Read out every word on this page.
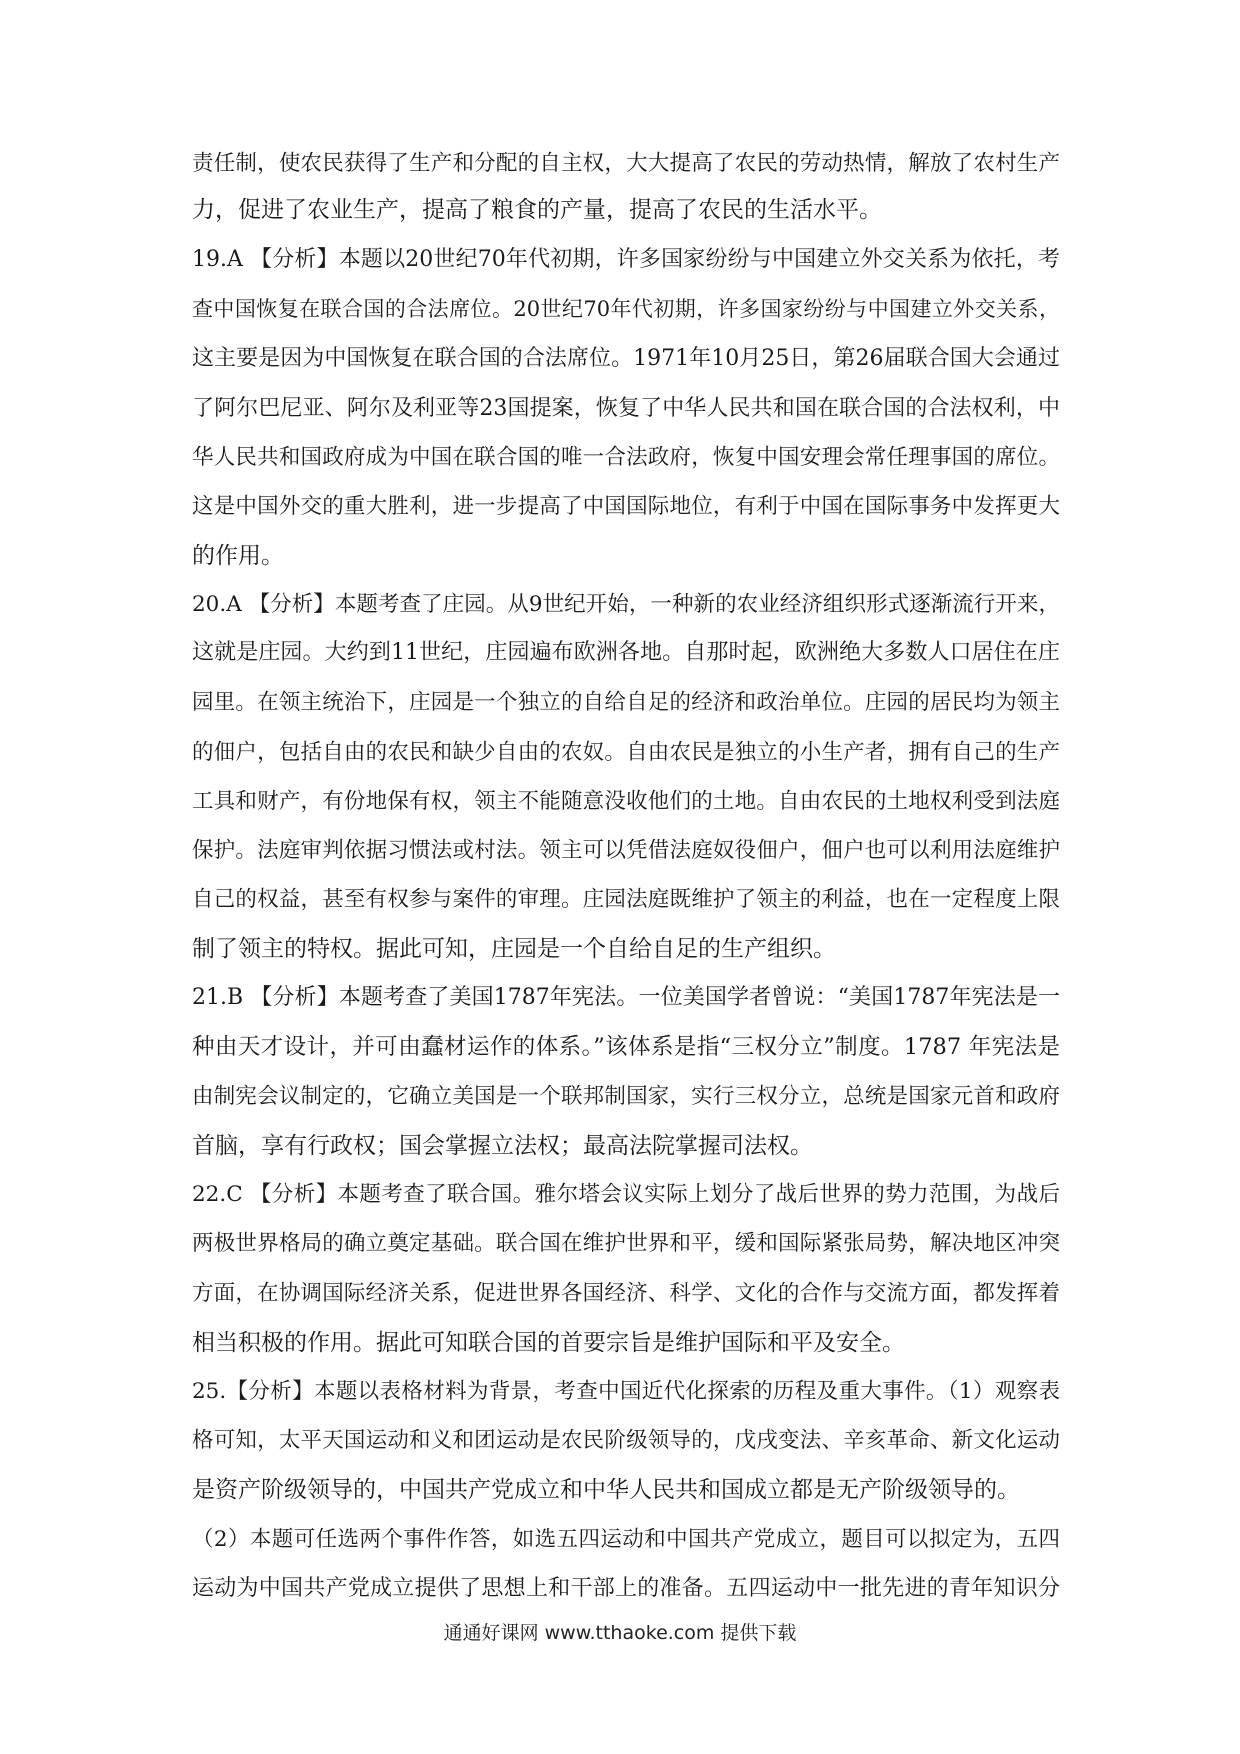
责任制，使农民获得了生产和分配的自主权，大大提高了农民的劳动热情，解放了农村生产
力，促进了农业生产，提高了粮食的产量，提高了农民的生活水平。
19.A 【分析】本题以20世纪70年代初期，许多国家纷纷与中国建立外交关系为依托，考
查中国恢复在联合国的合法席位。20世纪70年代初期，许多国家纷纷与中国建立外交关系，
这主要是因为中国恢复在联合国的合法席位。1971年10月25日，第26届联合国大会通过
了阿尔巴尼亚、阿尔及利亚等23国提案，恢复了中华人民共和国在联合国的合法权利，中
华人民共和国政府成为中国在联合国的唯一合法政府，恢复中国安理会常任理事国的席位。
这是中国外交的重大胜利，进一步提高了中国国际地位，有利于中国在国际事务中发挥更大
的作用。
20.A 【分析】本题考查了庄园。从9世纪开始，一种新的农业经济组织形式逐渐流行开来，
这就是庄园。大约到11世纪，庄园遍布欧洲各地。自那时起，欧洲绝大多数人口居住在庄
园里。在领主统治下，庄园是一个独立的自给自足的经济和政治单位。庄园的居民均为领主
的佃户，包括自由的农民和缺少自由的农奴。自由农民是独立的小生产者，拥有自己的生产
工具和财产，有份地保有权，领主不能随意没收他们的土地。自由农民的土地权利受到法庭
保护。法庭审判依据习惯法或村法。领主可以凭借法庭奴役佃户，佃户也可以利用法庭维护
自己的权益，甚至有权参与案件的审理。庄园法庭既维护了领主的利益，也在一定程度上限
制了领主的特权。据此可知，庄园是一个自给自足的生产组织。
21.B 【分析】本题考查了美国1787年宪法。一位美国学者曾说：“美国1787年宪法是一
种由天才设计，并可由蠢材运作的体系。”该体系是指“三权分立”制度。1787 年宪法是
由制宪会议制定的，它确立美国是一个联邦制国家，实行三权分立，总统是国家元首和政府
首脑，享有行政权；国会掌握立法权；最高法院掌握司法权。
22.C 【分析】本题考查了联合国。雅尔塔会议实际上划分了战后世界的势力范围，为战后
两极世界格局的确立奠定基础。联合国在维护世界和平，缓和国际紧张局势，解决地区冲突
方面，在协调国际经济关系，促进世界各国经济、科学、文化的合作与交流方面，都发挥着
相当积极的作用。据此可知联合国的首要宗旨是维护国际和平及安全。
25.【分析】本题以表格材料为背景，考查中国近代化探索的历程及重大事件。（1）观察表
格可知，太平天国运动和义和团运动是农民阶级领导的，戊戌变法、辛亥革命、新文化运动
是资产阶级领导的，中国共产党成立和中华人民共和国成立都是无产阶级领导的。
（2）本题可任选两个事件作答，如选五四运动和中国共产党成立，题目可以拟定为，五四
运动为中国共产党成立提供了思想上和干部上的准备。五四运动中一批先进的青年知识分
通通好课网 www.tthaoke.com 提供下载
